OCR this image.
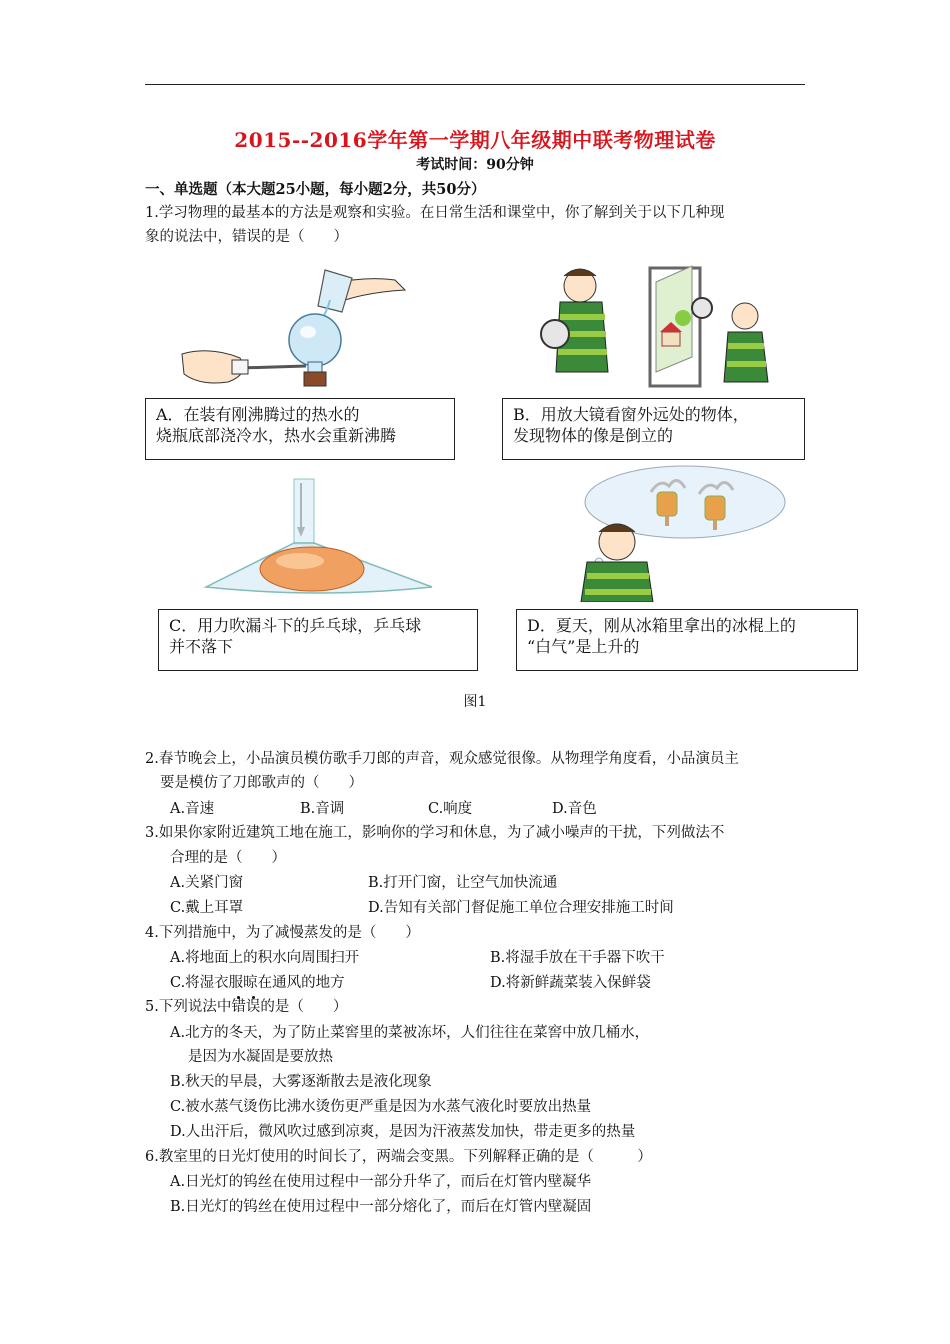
2015--2016学年第一学期八年级期中联考物理试卷
考试时间：90分钟
一、单选题（本大题25小题，每小题2分，共50分）
1.学习物理的最基本的方法是观察和实验。在日常生活和课堂中，你了解到关于以下几种现
象的说法中，错误的是（　　）
A．在装有刚沸腾过的热水的
烧瓶底部浇冷水，热水会重新沸腾
B．用放大镜看窗外远处的物体，
发现物体的像是倒立的
C．用力吹漏斗下的乒乓球，乒乓球
并不落下
D．夏天，刚从冰箱里拿出的冰棍上的
“白气”是上升的
图1
2.春节晚会上，小品演员模仿歌手刀郎的声音，观众感觉很像。从物理学角度看，小品演员主
要是模仿了刀郎歌声的（　　）
A.音速	B.音调	C.响度	D.音色
3.如果你家附近建筑工地在施工，影响你的学习和休息，为了减小噪声的干扰，下列做法不
合理的是（　　）
A.关紧门窗	B.打开门窗，让空气加快流通
C.戴上耳罩	D.告知有关部门督促施工单位合理安排施工时间
4.下列措施中，为了减慢蒸发的是（　　）
A.将地面上的积水向周围扫开	B.将湿手放在干手器下吹干
C.将湿衣服晾在通风的地方	D.将新鲜蔬菜装入保鲜袋
5.下列说法中错误的是（　　）
A.北方的冬天，为了防止菜窖里的菜被冻坏，人们往往在菜窖中放几桶水，
是因为水凝固是要放热
B.秋天的早晨，大雾逐渐散去是液化现象
C.被水蒸气烫伤比沸水烫伤更严重是因为水蒸气液化时要放出热量
D.人出汗后，微风吹过感到凉爽，是因为汗液蒸发加快，带走更多的热量
6.教室里的日光灯使用的时间长了，两端会变黑。下列解释正确的是（　　　）
A.日光灯的钨丝在使用过程中一部分升华了，而后在灯管内壁凝华
B.日光灯的钨丝在使用过程中一部分熔化了，而后在灯管内壁凝固
